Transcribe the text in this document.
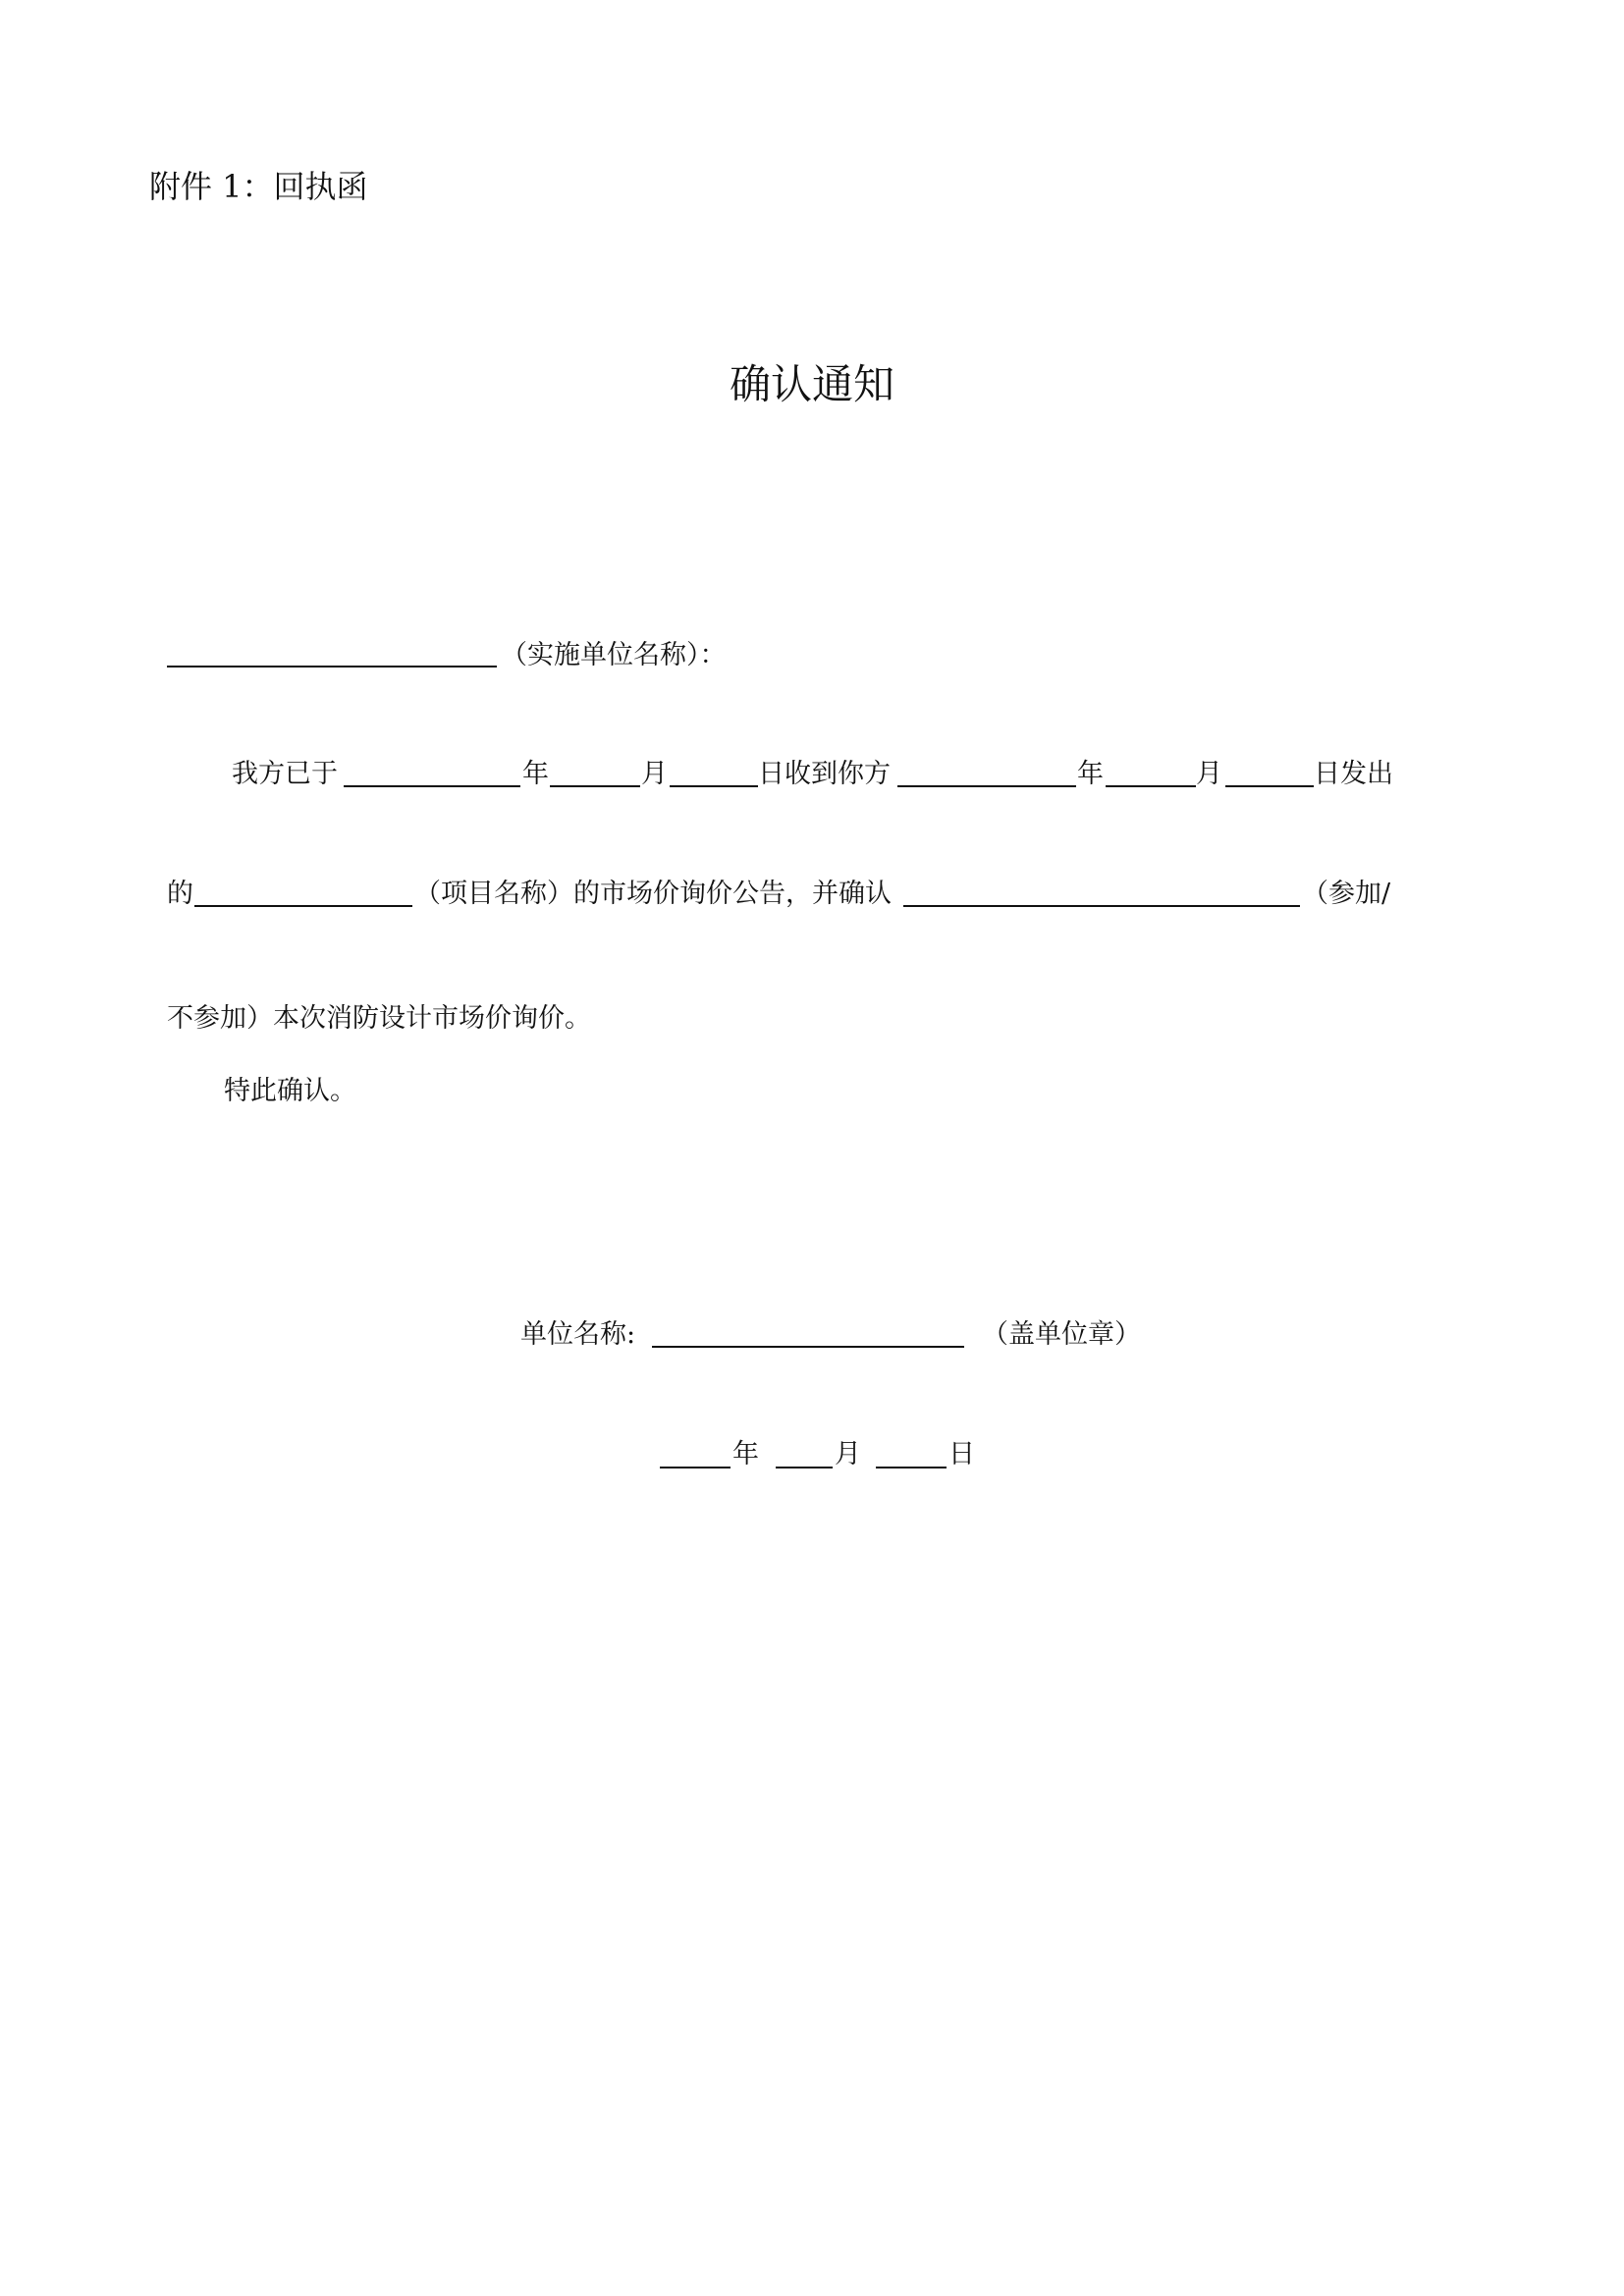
附件 1：回执函
确认通知
（实施单位名称）：
我方已于	年	月	日收到你方	年	月	日发出
的	（项目名称）的市场价询价公告，并确认	（参加/
不参加）本次消防设计市场价询价。
特此确认。
单位名称:	（盖单位章）
年	月	日
